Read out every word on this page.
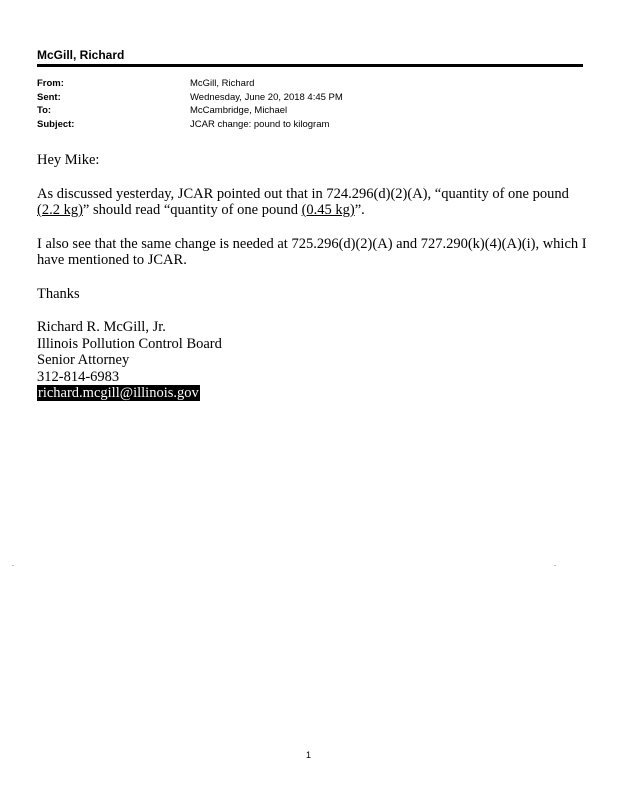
McGill, Richard
From:	McGill, Richard
Sent:	Wednesday, June 20, 2018 4:45 PM
To:	McCambridge, Michael
Subject:	JCAR change: pound to kilogram

Hey Mike:

As discussed yesterday, JCAR pointed out that in 724.296(d)(2)(A), “quantity of one pound (2.2 kg)” should read “quantity of one pound (0.45 kg)”.

I also see that the same change is needed at 725.296(d)(2)(A) and 727.290(k)(4)(A)(i), which I have mentioned to JCAR.

Thanks

Richard R. McGill, Jr.
Illinois Pollution Control Board
Senior Attorney
312-814-6983
richard.mcgill@illinois.gov
1
